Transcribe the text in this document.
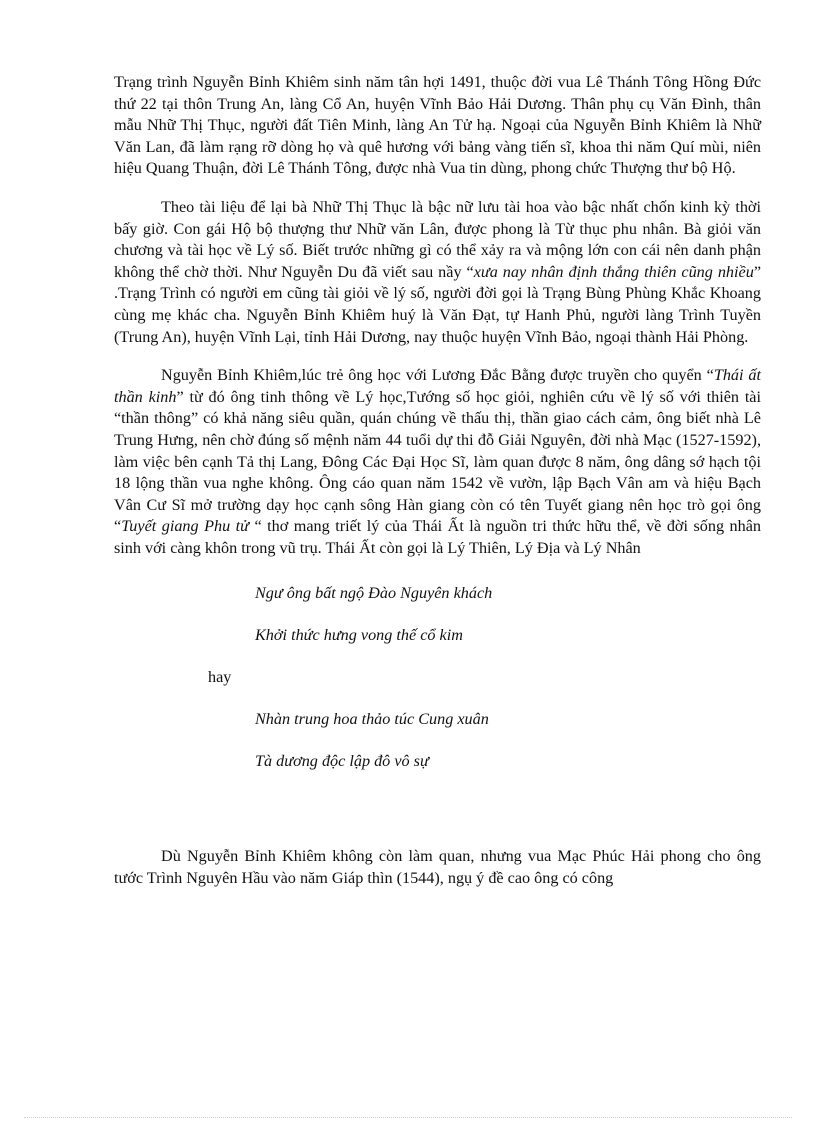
Trạng trình Nguyễn Bỉnh Khiêm sinh năm tân hợi 1491, thuộc đời vua Lê Thánh Tông Hồng Đức thứ 22 tại thôn Trung An, làng Cổ An, huyện Vĩnh Bảo Hải Dương. Thân phụ cụ Văn Đình, thân mẫu Nhữ Thị Thục, người đất Tiên Minh, làng An Tử hạ. Ngoại của Nguyễn Bỉnh Khiêm là Nhữ Văn Lan, đã làm rạng rỡ dòng họ và quê hương với bảng vàng tiến sĩ, khoa thi năm Quí mùi, niên hiệu Quang Thuận, đời Lê Thánh Tông, được nhà Vua tin dùng, phong chức Thượng thư bộ Hộ.

Theo tài liệu để lại bà Nhữ Thị Thục là bậc nữ lưu tài hoa vào bậc nhất chốn kinh kỳ thời bấy giờ. Con gái Hộ bộ thượng thư Nhữ văn Lân, được phong là Từ thục phu nhân. Bà giỏi văn chương và tài học về Lý số. Biết trước những gì có thể xảy ra và mộng lớn con cái nên danh phận không thể chờ thời. Như Nguyễn Du đã viết sau nầy “xưa nay nhân định thắng thiên cũng nhiều” .Trạng Trình có người em cũng tài giỏi về lý số, người đời gọi là Trạng Bùng Phùng Khắc Khoang cùng mẹ khác cha. Nguyễn Bỉnh Khiêm huý là Văn Đạt, tự Hanh Phủ, người làng Trình Tuyền (Trung An), huyện Vĩnh Lại, tỉnh Hải Dương, nay thuộc huyện Vĩnh Bảo, ngoại thành Hải Phòng.

Nguyễn Bỉnh Khiêm,lúc trẻ ông học với Lương Đắc Bằng được truyền cho quyển “Thái ất thần kinh” từ đó ông tinh thông về Lý học,Tướng số học giỏi, nghiên cứu về lý số với thiên tài “thần thông” có khả năng siêu quần, quán chúng về thấu thị, thần giao cách cảm, ông biết nhà Lê Trung Hưng, nên chờ đúng số mệnh năm 44 tuổi dự thi đỗ Giải Nguyên, đời nhà Mạc (1527-1592), làm việc bên cạnh Tả thị Lang, Đông Các Đại Học Sĩ, làm quan được 8 năm, ông dâng sớ hạch tội 18 lộng thần vua nghe không. Ông cáo quan năm 1542 về vườn, lập Bạch Vân am và hiệu Bạch Vân Cư Sĩ mở trường dạy học cạnh sông Hàn giang còn có tên Tuyết giang nên học trò gọi ông “Tuyết giang Phu tử “ thơ mang triết lý của Thái Ất là nguồn tri thức hữu thể, về đời sống nhân sinh với càng khôn trong vũ trụ. Thái Ất còn gọi là Lý Thiên, Lý Địa và Lý Nhân

Ngư ông bất ngộ Đào Nguyên khách
Khởi thức hưng vong thế cổ kim
hay
Nhàn trung hoa thảo túc Cung xuân
Tà dương độc lập đô vô sự

Dù Nguyễn Bỉnh Khiêm không còn làm quan, nhưng vua Mạc Phúc Hải phong cho ông tước Trình Nguyên Hầu vào năm Giáp thìn (1544), ngụ ý đề cao ông có công
